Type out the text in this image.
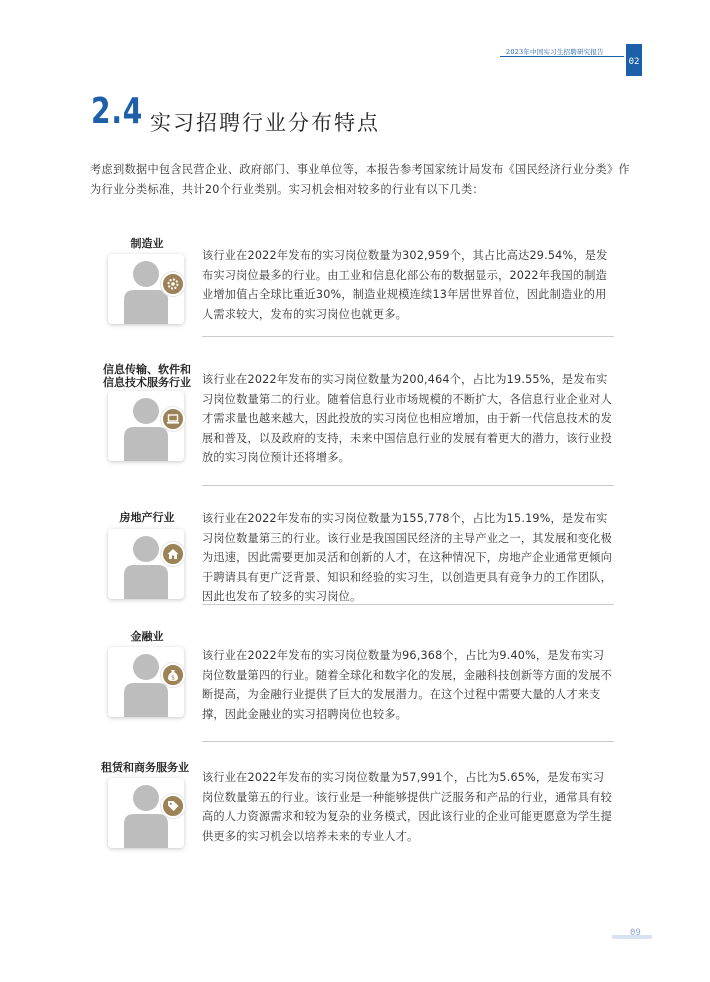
2023年中国实习生招聘研究报告
02
2.4 实习招聘行业分布特点
考虑到数据中包含民营企业、政府部门、事业单位等，本报告参考国家统计局发布《国民经济行业分类》作为行业分类标准，共计20个行业类别。实习机会相对较多的行业有以下几类：
制造业
该行业在2022年发布的实习岗位数量为302,959个，其占比高达29.54%，是发布实习岗位最多的行业。由工业和信息化部公布的数据显示，2022年我国的制造业增加值占全球比重近30%，制造业规模连续13年居世界首位，因此制造业的用人需求较大，发布的实习岗位也就更多。
信息传输、软件和信息技术服务行业 该行业在2022年发布的实习岗位数量为200,464个，占比为19.55%，是发布实习岗位数量第二的行业。随着信息行业市场规模的不断扩大，各信息行业企业对人才需求量也越来越大，因此投放的实习岗位也相应增加，由于新一代信息技术的发展和普及，以及政府的支持，未来中国信息行业的发展有着更大的潜力，该行业投放的实习岗位预计还将增多。
房地产行业	该行业在2022年发布的实习岗位数量为155,778个，占比为15.19%，是发布实习岗位数量第三的行业。该行业是我国国民经济的主导产业之一，其发展和变化极为迅速，因此需要更加灵活和创新的人才，在这种情况下，房地产企业通常更倾向于聘请具有更广泛背景、知识和经验的实习生，以创造更具有竞争力的工作团队，因此也发布了较多的实习岗位。
金融业
$
该行业在2022年发布的实习岗位数量为96,368个，占比为9.40%，是发布实习岗位数量第四的行业。随着全球化和数字化的发展，金融科技创新等方面的发展不断提高，为金融行业提供了巨大的发展潜力。在这个过程中需要大量的人才来支撑，因此金融业的实习招聘岗位也较多。
租赁和商务服务业
该行业在2022年发布的实习岗位数量为57,991个，占比为5.65%，是发布实习岗位数量第五的行业。该行业是一种能够提供广泛服务和产品的行业，通常具有较高的人力资源需求和较为复杂的业务模式，因此该行业的企业可能更愿意为学生提供更多的实习机会以培养未来的专业人才。
09
